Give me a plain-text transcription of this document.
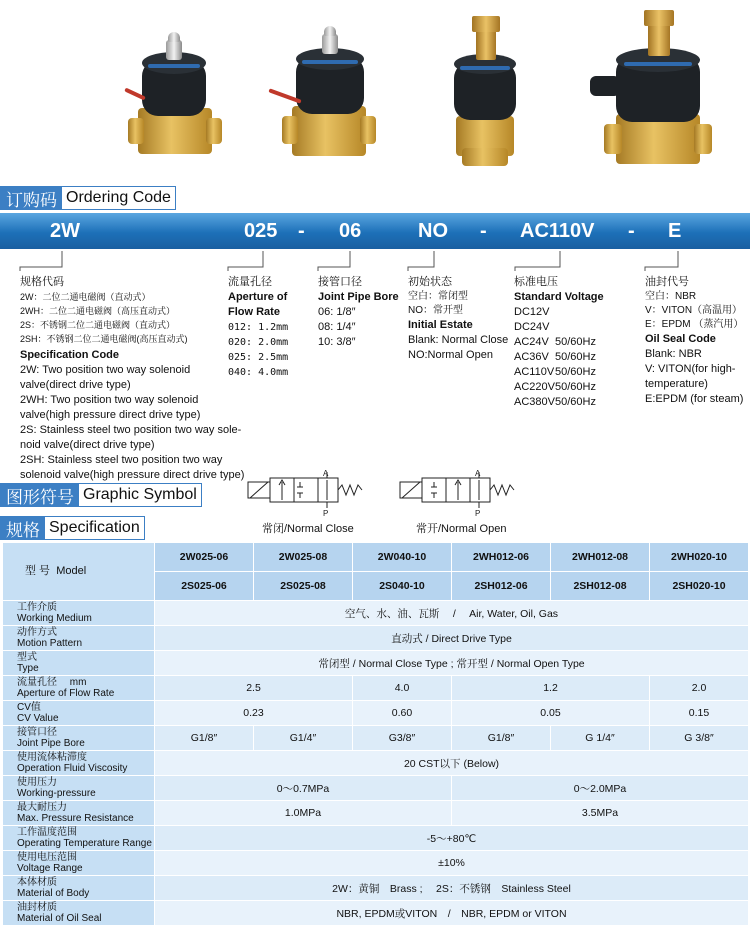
订购码 Ordering Code
2W	025 - 06	NO - AC110V - E
规格代码
2W：二位二通电磁阀（直动式）
2WH：二位二通电磁阀（高压直动式）
2S：不锈钢二位二通电磁阀（直动式）
2SH：不锈钢二位二通电磁阀(高压直动式)
Specification Code
2W: Two position two way solenoid
valve(direct drive type)
2WH: Two position two way solenoid
valve(high pressure direct drive type)
2S: Stainless steel two position two way sole-
noid valve(direct drive type)
2SH: Stainless steel two position two way
solenoid valve(high pressure direct drive type)
流量孔径
Aperture of
Flow Rate
012: 1.2mm
020: 2.0mm
025: 2.5mm
040: 4.0mm
接管口径
Joint Pipe Bore
06: 1/8″
08: 1/4″
10: 3/8″
初始状态
空白：常闭型
NO：常开型
Initial Estate
Blank: Normal Close
NO:Normal Open
标准电压
Standard Voltage
DC12V
DC24V
AC24V 50/60Hz
AC36V 50/60Hz
AC110V 50/60Hz
AC220V 50/60Hz
AC380V 50/60Hz
油封代号
空白：NBR
V：VITON（高温用）
E：EPDM （蒸汽用）
Oil Seal Code
Blank: NBR
V: VITON(for high-
temperature)
E:EPDM (for steam)
图形符号 Graphic Symbol
A
P
常闭/Normal Close
A
P
常开/Normal Open
规格 Specification
型 号 Model	2W025-06	2W025-08	2W040-10	2WH012-06	2WH012-08	2WH020-10
	2S025-06	2S025-08	2S040-10	2SH012-06	2SH012-08	2SH020-10

工作介质
Working Medium	空气、水、油、瓦斯　 /　 Air, Water, Oil, Gas					

动作方式
Motion Pattern	直动式 / Direct Drive Type					

型式
Type	常闭型 / Normal Close Type ; 常开型 / Normal Open Type					

流量孔径　 mm
Aperture of Flow Rate	2.5		4.0	1.2		2.0

CV值
CV Value	0.23		0.60	0.05		0.15

接管口径
Joint Pipe Bore	G1/8″	G1/4″	G3/8″	G1/8″	G 1/4″	G 3/8″

使用流体粘滞度
Operation Fluid Viscosity	20 CST以下 (Below)					

使用压力
Working-pressure	0～0.7MPa			0～2.0MPa		

最大耐压力
Max. Pressure Resistance	1.0MPa			3.5MPa		

工作温度范围
Operating Temperature Range	-5～+80℃					

使用电压范围
Voltage Range	±10%					

本体材质
Material of Body	2W：黄铜　Brass ;　 2S：不锈钢　Stainless Steel					

油封材质
Material of Oil Seal	NBR, EPDM或VITON　/　NBR, EPDM or VITON					
